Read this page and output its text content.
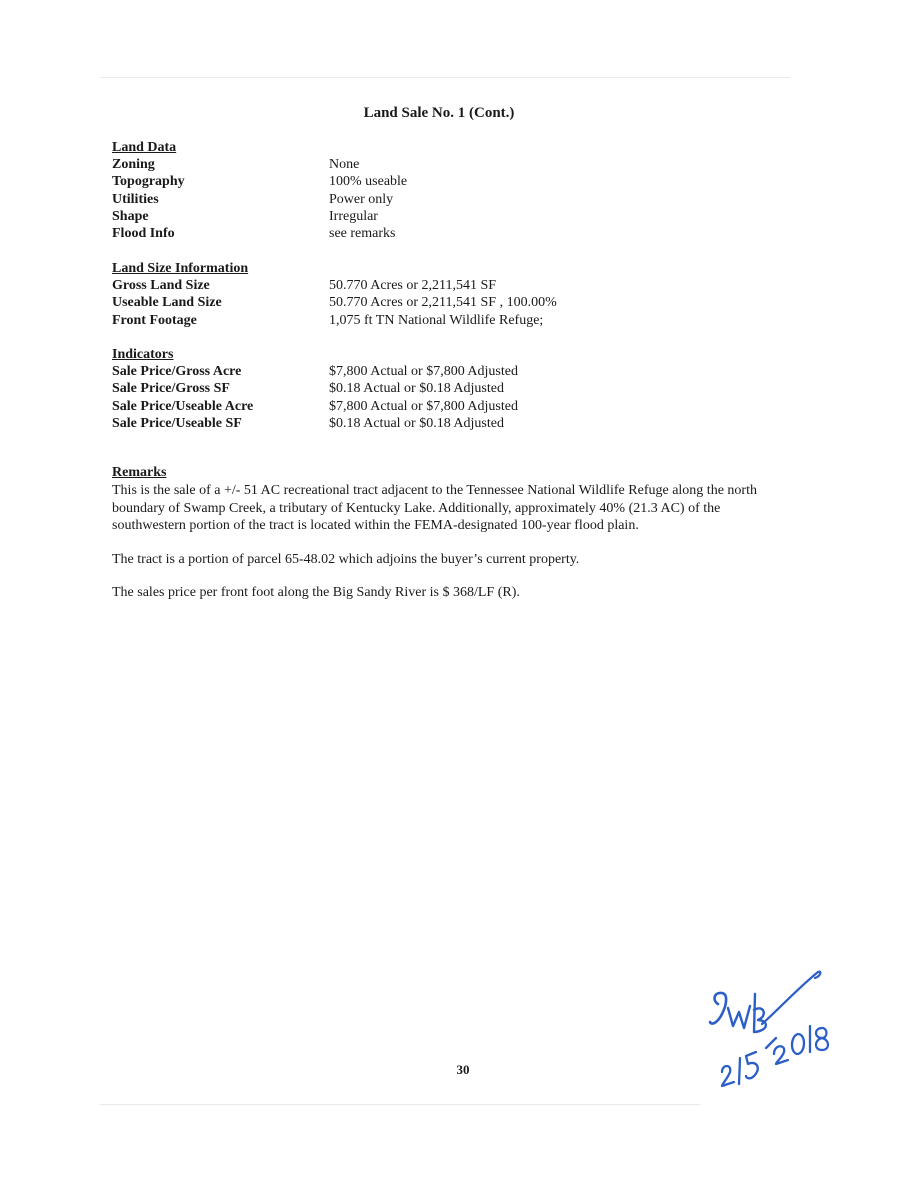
Land Sale No. 1 (Cont.)
Land Data
Zoning	None
Topography	100% useable
Utilities	Power only
Shape	Irregular
Flood Info	see remarks
Land Size Information
Gross Land Size	50.770 Acres or 2,211,541 SF
Useable Land Size	50.770 Acres or 2,211,541 SF , 100.00%
Front Footage	1,075 ft TN National Wildlife Refuge;
Indicators
Sale Price/Gross Acre	$7,800 Actual or $7,800 Adjusted
Sale Price/Gross SF	$0.18 Actual or $0.18 Adjusted
Sale Price/Useable Acre	$7,800 Actual or $7,800 Adjusted
Sale Price/Useable SF	$0.18 Actual or $0.18 Adjusted
Remarks

This is the sale of a +/- 51 AC recreational tract adjacent to the Tennessee National Wildlife Refuge along the north boundary of Swamp Creek, a tributary of Kentucky Lake. Additionally, approximately 40% (21.3 AC) of the southwestern portion of the tract is located within the FEMA-designated 100-year flood plain.

The tract is a portion of parcel 65-48.02 which adjoins the buyer’s current property.

The sales price per front foot along the Big Sandy River is $ 368/LF (R).

30
